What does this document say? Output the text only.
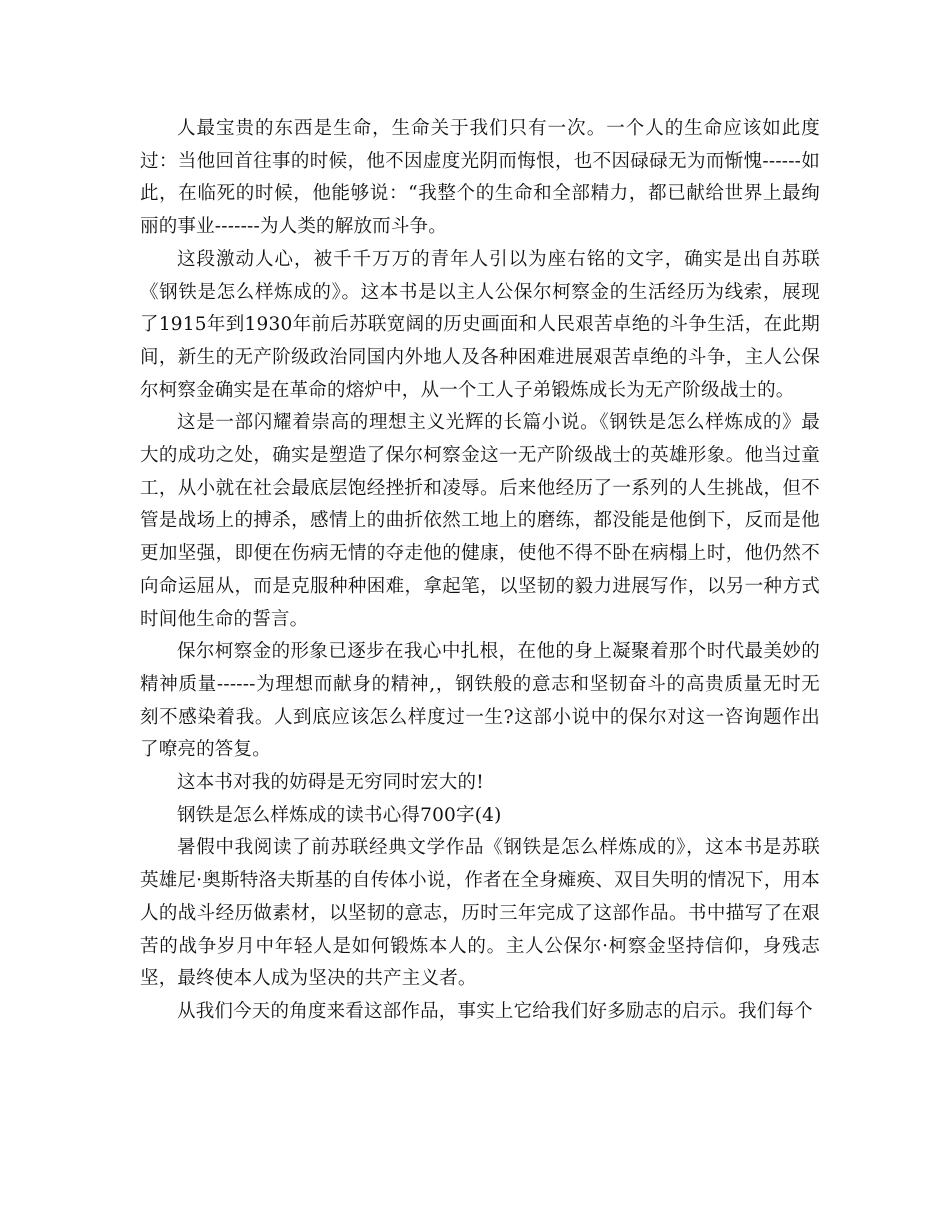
人最宝贵的东西是生命，生命关于我们只有一次。一个人的生命应该如此度过：当他回首往事的时候，他不因虚度光阴而悔恨，也不因碌碌无为而惭愧------如此，在临死的时候，他能够说：“我整个的生命和全部精力，都已献给世界上最绚丽的事业-------为人类的解放而斗争。

这段激动人心，被千千万万的青年人引以为座右铭的文字，确实是出自苏联《钢铁是怎么样炼成的》。这本书是以主人公保尔柯察金的生活经历为线索，展现了1915年到1930年前后苏联宽阔的历史画面和人民艰苦卓绝的斗争生活，在此期间，新生的无产阶级政治同国内外地人及各种困难进展艰苦卓绝的斗争，主人公保尔柯察金确实是在革命的熔炉中，从一个工人子弟锻炼成长为无产阶级战士的。

这是一部闪耀着崇高的理想主义光辉的长篇小说。《钢铁是怎么样炼成的》最大的成功之处，确实是塑造了保尔柯察金这一无产阶级战士的英雄形象。他当过童工，从小就在社会最底层饱经挫折和凌辱。后来他经历了一系列的人生挑战，但不管是战场上的搏杀，感情上的曲折依然工地上的磨练，都没能是他倒下，反而是他更加坚强，即便在伤病无情的夺走他的健康，使他不得不卧在病榻上时，他仍然不向命运屈从，而是克服种种困难，拿起笔，以坚韧的毅力进展写作，以另一种方式时间他生命的誓言。

保尔柯察金的形象已逐步在我心中扎根，在他的身上凝聚着那个时代最美妙的精神质量------为理想而献身的精神,，钢铁般的意志和坚韧奋斗的高贵质量无时无刻不感染着我。人到底应该怎么样度过一生?这部小说中的保尔对这一咨询题作出了嘹亮的答复。

这本书对我的妨碍是无穷同时宏大的!

钢铁是怎么样炼成的读书心得700字(4)

暑假中我阅读了前苏联经典文学作品《钢铁是怎么样炼成的》，这本书是苏联英雄尼·奥斯特洛夫斯基的自传体小说，作者在全身瘫痪、双目失明的情况下，用本人的战斗经历做素材，以坚韧的意志，历时三年完成了这部作品。书中描写了在艰苦的战争岁月中年轻人是如何锻炼本人的。主人公保尔·柯察金坚持信仰，身残志坚，最终使本人成为坚决的共产主义者。

从我们今天的角度来看这部作品，事实上它给我们好多励志的启示。我们每个
